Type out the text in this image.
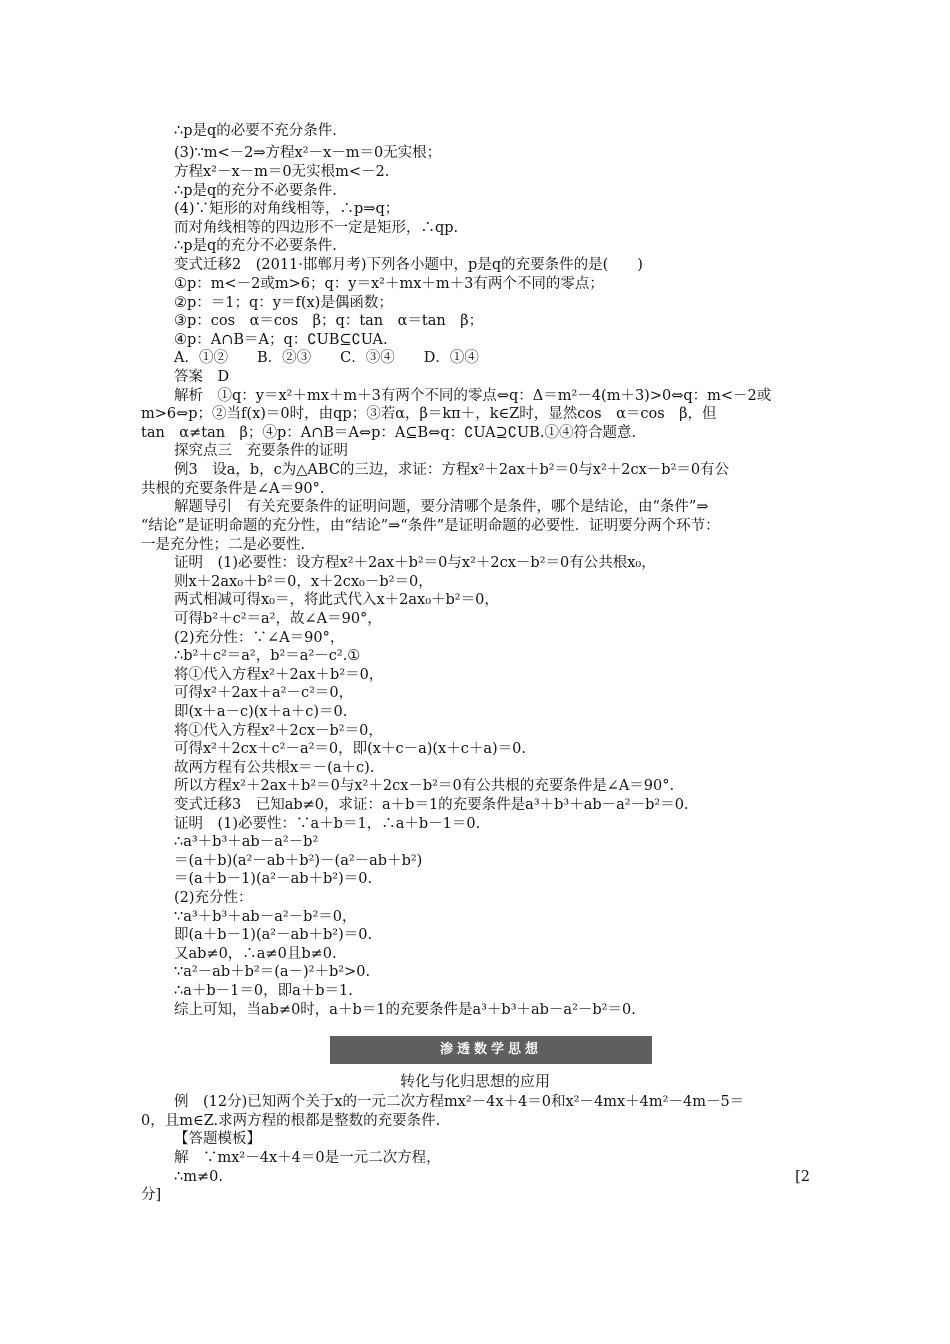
∴p是q的必要不充分条件.
(3)∵m<－2⇒方程x²－x－m＝0无实根；
方程x²－x－m＝0无实根m<－2.
∴p是q的充分不必要条件.
(4)∵矩形的对角线相等，∴p⇒q；
而对角线相等的四边形不一定是矩形，∴qp.
∴p是q的充分不必要条件.
变式迁移2　(2011·邯郸月考)下列各小题中，p是q的充要条件的是(　　)
①p：m<－2或m>6；q：y＝x²＋mx＋m＋3有两个不同的零点；
②p：＝1；q：y＝f(x)是偶函数；
③p：cos　α＝cos　β；q：tan　α＝tan　β；
④p：A∩B＝A；q：∁UB⊆∁UA.
A．①②　　B．②③　　C．③④　　D．①④
答案　D
解析　①q：y＝x²＋mx＋m＋3有两个不同的零点⇔q：Δ＝m²－4(m＋3)>0⇔q：m<－2或
m>6⇔p；②当f(x)＝0时，由qp；③若α，β＝kπ＋，k∈Z时，显然cos　α＝cos　β，但
tan　α≠tan　β；④p：A∩B＝A⇔p：A⊆B⇔q：∁UA⊇∁UB.①④符合题意.
探究点三　充要条件的证明
例3　设a，b，c为△ABC的三边，求证：方程x²＋2ax＋b²＝0与x²＋2cx－b²＝0有公
共根的充要条件是∠A＝90°.
解题导引　有关充要条件的证明问题，要分清哪个是条件，哪个是结论，由“条件”⇒
“结论”是证明命题的充分性，由“结论”⇒“条件”是证明命题的必要性．证明要分两个环节：
一是充分性；二是必要性.
证明　(1)必要性：设方程x²＋2ax＋b²＝0与x²＋2cx－b²＝0有公共根x₀，
则x＋2ax₀＋b²＝0，x＋2cx₀－b²＝0，
两式相减可得x₀＝，将此式代入x＋2ax₀＋b²＝0，
可得b²＋c²＝a²，故∠A＝90°，
(2)充分性：∵∠A＝90°，
∴b²＋c²＝a²，b²＝a²－c².①
将①代入方程x²＋2ax＋b²＝0，
可得x²＋2ax＋a²－c²＝0，
即(x＋a－c)(x＋a＋c)＝0.
将①代入方程x²＋2cx－b²＝0，
可得x²＋2cx＋c²－a²＝0，即(x＋c－a)(x＋c＋a)＝0.
故两方程有公共根x＝－(a＋c).
所以方程x²＋2ax＋b²＝0与x²＋2cx－b²＝0有公共根的充要条件是∠A＝90°.
变式迁移3　已知ab≠0，求证：a＋b＝1的充要条件是a³＋b³＋ab－a²－b²＝0.
证明　(1)必要性：∵a＋b＝1，∴a＋b－1＝0.
∴a³＋b³＋ab－a²－b²
＝(a＋b)(a²－ab＋b²)－(a²－ab＋b²)
＝(a＋b－1)(a²－ab＋b²)＝0.
(2)充分性：
∵a³＋b³＋ab－a²－b²＝0，
即(a＋b－1)(a²－ab＋b²)＝0.
又ab≠0，∴a≠0且b≠0.
∵a²－ab＋b²＝(a－)²＋b²>0.
∴a＋b－1＝0，即a＋b＝1.
综上可知，当ab≠0时，a＋b＝1的充要条件是a³＋b³＋ab－a²－b²＝0.
渗透数学思想
转化与化归思想的应用
例　(12分)已知两个关于x的一元二次方程mx²－4x＋4＝0和x²－4mx＋4m²－4m－5＝
0，且m∈Z.求两方程的根都是整数的充要条件.
【答题模板】
解　∵mx²－4x＋4＝0是一元二次方程，
∴m≠0.	[2
分]
